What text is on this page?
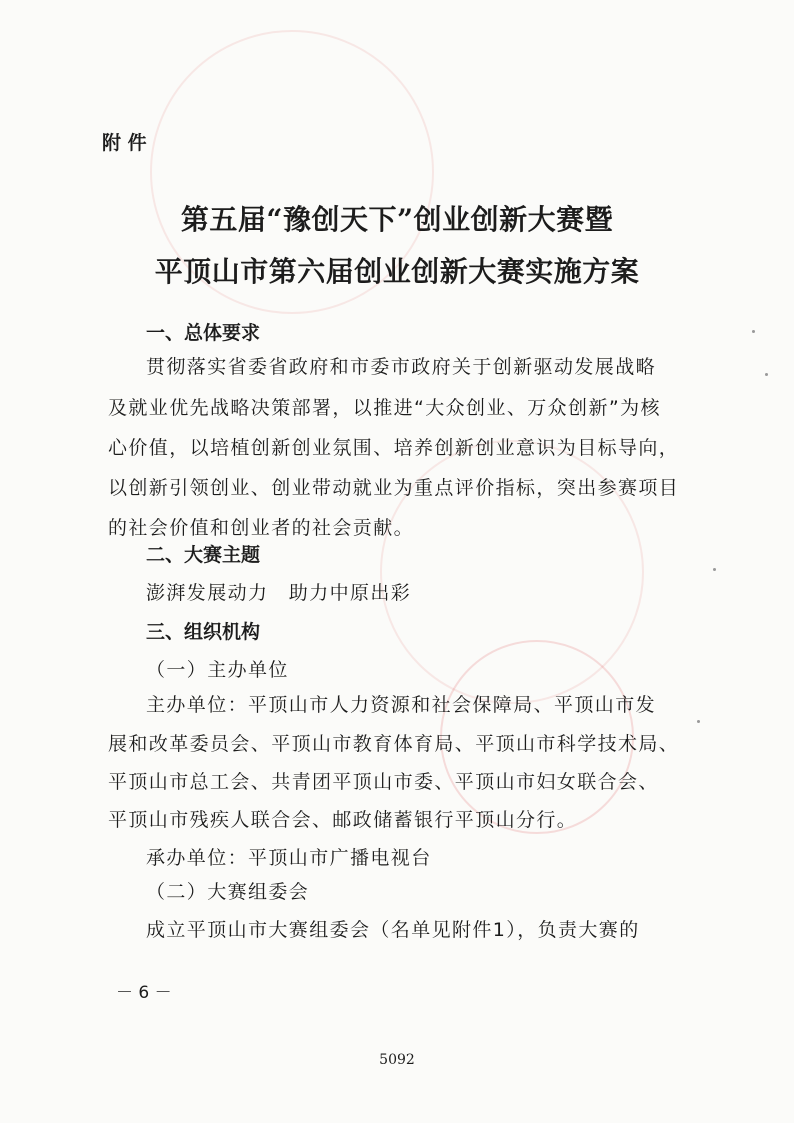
附 件
第五届“豫创天下”创业创新大赛暨
平顶山市第六届创业创新大赛实施方案
一、总体要求
贯彻落实省委省政府和市委市政府关于创新驱动发展战略
及就业优先战略决策部署，以推进“大众创业、万众创新”为核
心价值，以培植创新创业氛围、培养创新创业意识为目标导向，
以创新引领创业、创业带动就业为重点评价指标，突出参赛项目
的社会价值和创业者的社会贡献。
二、大赛主题
澎湃发展动力　助力中原出彩
三、组织机构
（一）主办单位
主办单位：平顶山市人力资源和社会保障局、平顶山市发
展和改革委员会、平顶山市教育体育局、平顶山市科学技术局、
平顶山市总工会、共青团平顶山市委、平顶山市妇女联合会、
平顶山市残疾人联合会、邮政储蓄银行平顶山分行。
承办单位：平顶山市广播电视台
（二）大赛组委会
成立平顶山市大赛组委会（名单见附件1），负责大赛的
－ 6 －
5092
